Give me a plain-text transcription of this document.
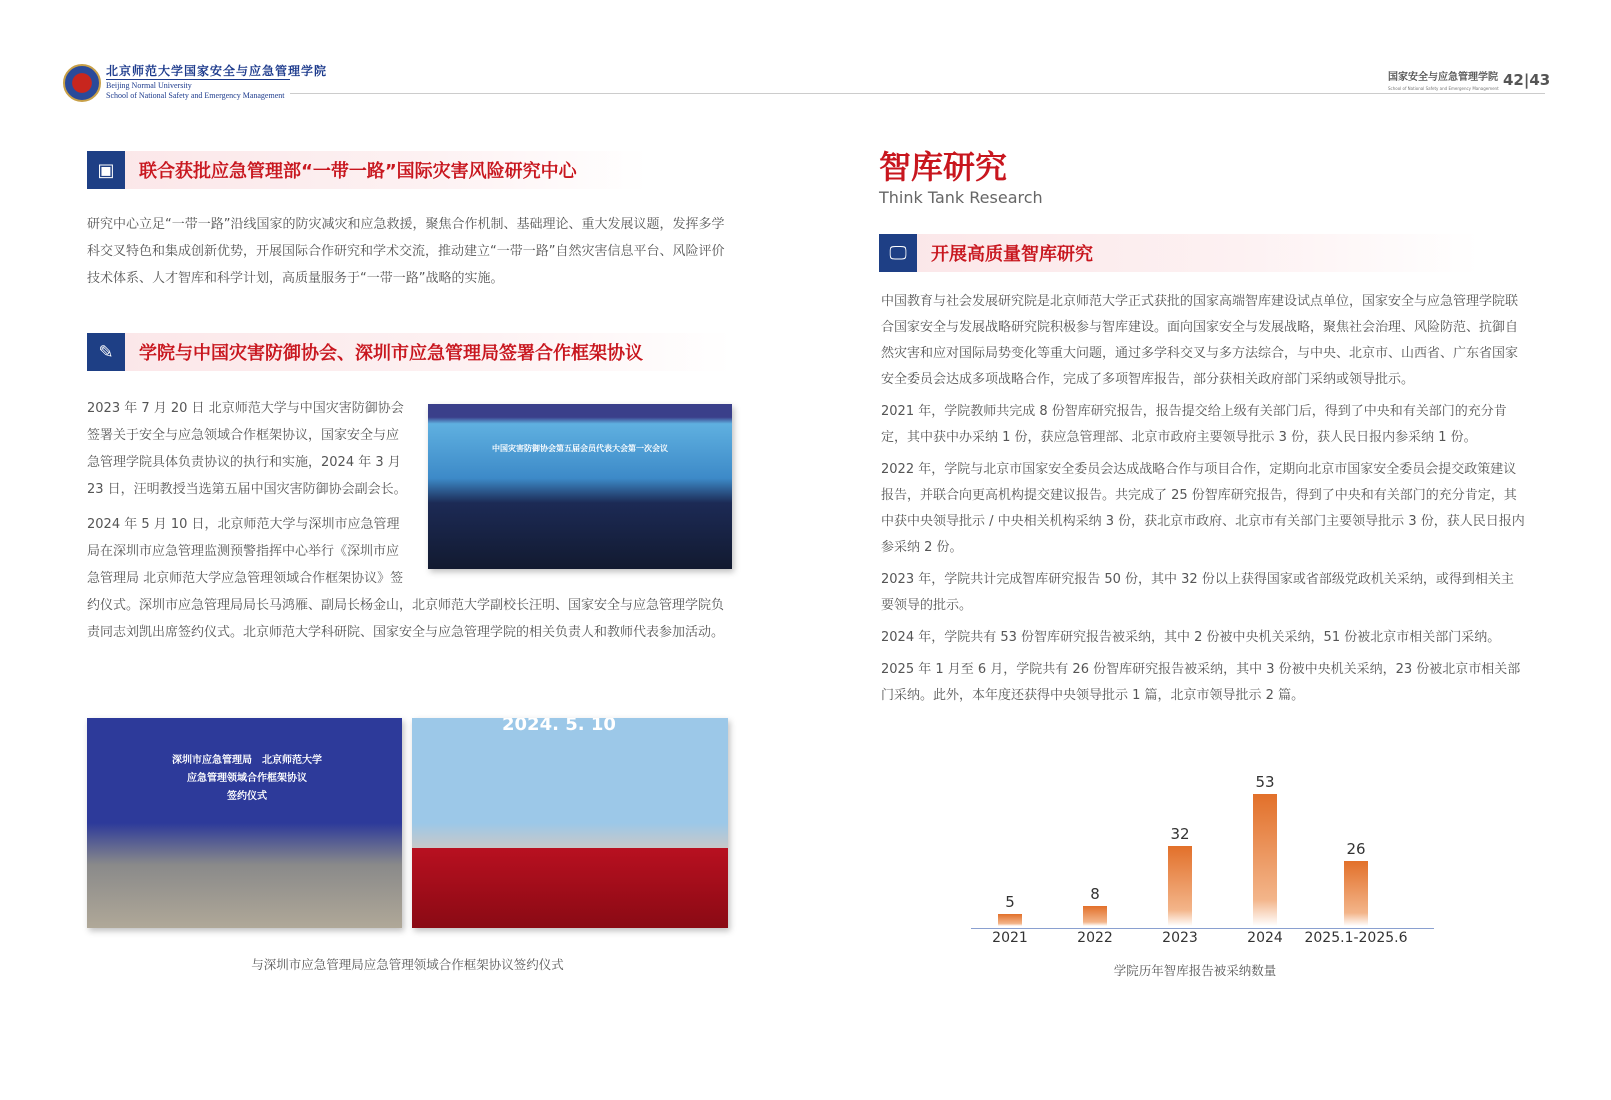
北京师范大学国家安全与应急管理学院
Beijing Normal University
School of National Safety and Emergency Management
国家安全与应急管理学院
School of National Safety and Emergency Management 42|43
▣	联合获批应急管理部“一带一路”国际灾害风险研究中心
研究中心立足“一带一路”沿线国家的防灾减灾和应急救援，聚焦合作机制、基础理论、重大发展议题，发挥多学科交叉特色和集成创新优势，开展国际合作研究和学术交流，推动建立“一带一路”自然灾害信息平台、风险评价技术体系、人才智库和科学计划，高质量服务于“一带一路”战略的实施。
✎	学院与中国灾害防御协会、深圳市应急管理局签署合作框架协议
中国灾害防御协会第五届会员代表大会第一次会议

2023 年 7 月 20 日 北京师范大学与中国灾害防御协会签署关于安全与应急领域合作框架协议，国家安全与应急管理学院具体负责协议的执行和实施，2024 年 3 月 23 日，汪明教授当选第五届中国灾害防御协会副会长。

2024 年 5 月 10 日，北京师范大学与深圳市应急管理局在深圳市应急管理监测预警指挥中心举行《深圳市应急管理局 北京师范大学应急管理领域合作框架协议》签约仪式。深圳市应急管理局局长马鸿雁、副局长杨金山，北京师范大学副校长汪明、国家安全与应急管理学院负责同志刘凯出席签约仪式。北京师范大学科研院、国家安全与应急管理学院的相关负责人和教师代表参加活动。

深圳市应急管理局　北京师范大学
应急管理领域合作框架协议
签约仪式
2024. 5. 10
与深圳市应急管理局应急管理领域合作框架协议签约仪式
智库研究
Think Tank Research
🖵	开展高质量智库研究

中国教育与社会发展研究院是北京师范大学正式获批的国家高端智库建设试点单位，国家安全与应急管理学院联合国家安全与发展战略研究院积极参与智库建设。面向国家安全与发展战略，聚焦社会治理、风险防范、抗御自然灾害和应对国际局势变化等重大问题，通过多学科交叉与多方法综合，与中央、北京市、山西省、广东省国家安全委员会达成多项战略合作，完成了多项智库报告，部分获相关政府部门采纳或领导批示。

2021 年，学院教师共完成 8 份智库研究报告，报告提交给上级有关部门后，得到了中央和有关部门的充分肯定，其中获中办采纳 1 份，获应急管理部、北京市政府主要领导批示 3 份，获人民日报内参采纳 1 份。

2022 年，学院与北京市国家安全委员会达成战略合作与项目合作，定期向北京市国家安全委员会提交政策建议报告，并联合向更高机构提交建议报告。共完成了 25 份智库研究报告，得到了中央和有关部门的充分肯定，其中获中央领导批示 / 中央相关机构采纳 3 份，获北京市政府、北京市有关部门主要领导批示 3 份，获人民日报内参采纳 2 份。

2023 年，学院共计完成智库研究报告 50 份，其中 32 份以上获得国家或省部级党政机关采纳，或得到相关主要领导的批示。

2024 年，学院共有 53 份智库研究报告被采纳，其中 2 份被中央机关采纳，51 份被北京市相关部门采纳。

2025 年 1 月至 6 月，学院共有 26 份智库研究报告被采纳，其中 3 份被中央机关采纳，23 份被北京市相关部门采纳。此外，本年度还获得中央领导批示 1 篇，北京市领导批示 2 篇。

5
2021
8
2022
32
2023
53
2024
26
2025.1-2025.6
学院历年智库报告被采纳数量
